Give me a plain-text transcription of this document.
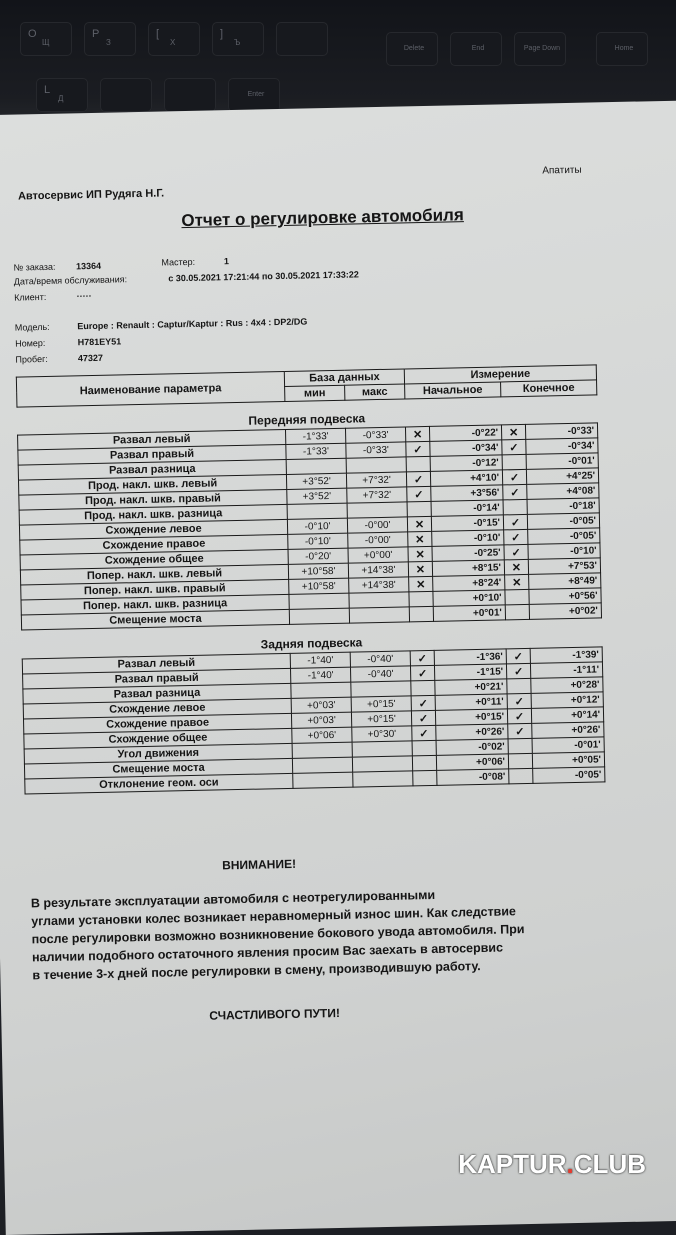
О
Щ
Р
З
[
Х
]
Ъ
Delete	End	Page Down	Home
L
Д	Enter
Апатиты
Автосервис ИП Рудяга Н.Г.
Отчет о регулировке автомобиля
№ заказа: 13364	Мастер:	1
Дата/время обслуживания:	с 30.05.2021 17:21:44 по 30.05.2021 17:33:22
Клиент:	·····
Модель:	Europe : Renault : Captur/Kaptur : Rus : 4x4 : DP2/DG
Номер:	H781EY51
Пробег:	47327
Наименование параметра	База данных		Измерение	
	мин	макс	Начальное	Конечное
Передняя подвеска
Развал левый	-1°33'	-0°33'	✕	-0°22'	✕	-0°33'
Развал правый	-1°33'	-0°33'	✓	-0°34'	✓	-0°34'
Развал разница				-0°12'		-0°01'
Прод. накл. шкв. левый	+3°52'	+7°32'	✓	+4°10'	✓	+4°25'
Прод. накл. шкв. правый	+3°52'	+7°32'	✓	+3°56'	✓	+4°08'
Прод. накл. шкв. разница				-0°14'		-0°18'
Схождение левое	-0°10'	-0°00'	✕	-0°15'	✓	-0°05'
Схождение правое	-0°10'	-0°00'	✕	-0°10'	✓	-0°05'
Схождение общее	-0°20'	+0°00'	✕	-0°25'	✓	-0°10'
Попер. накл. шкв. левый	+10°58'	+14°38'	✕	+8°15'	✕	+7°53'
Попер. накл. шкв. правый	+10°58'	+14°38'	✕	+8°24'	✕	+8°49'
Попер. накл. шкв. разница				+0°10'		+0°56'
Смещение моста				+0°01'		+0°02'
Задняя подвеска
Развал левый	-1°40'	-0°40'	✓	-1°36'	✓	-1°39'
Развал правый	-1°40'	-0°40'	✓	-1°15'	✓	-1°11'
Развал разница				+0°21'		+0°28'
Схождение левое	+0°03'	+0°15'	✓	+0°11'	✓	+0°12'
Схождение правое	+0°03'	+0°15'	✓	+0°15'	✓	+0°14'
Схождение общее	+0°06'	+0°30'	✓	+0°26'	✓	+0°26'
Угол движения				-0°02'		-0°01'
Смещение моста				+0°06'		+0°05'
Отклонение геом. оси				-0°08'		-0°05'
ВНИМАНИЕ!
В результате эксплуатации автомобиля с неотрегулированными
углами установки колес возникает неравномерный износ шин. Как следствие
после регулировки возможно возникновение бокового увода автомобиля. При
наличии подобного остаточного явления просим Вас заехать в автосервис
в течение 3-х дней после регулировки в смену, производившую работу.
СЧАСТЛИВОГО ПУТИ!
KAPTUR.CLUB
